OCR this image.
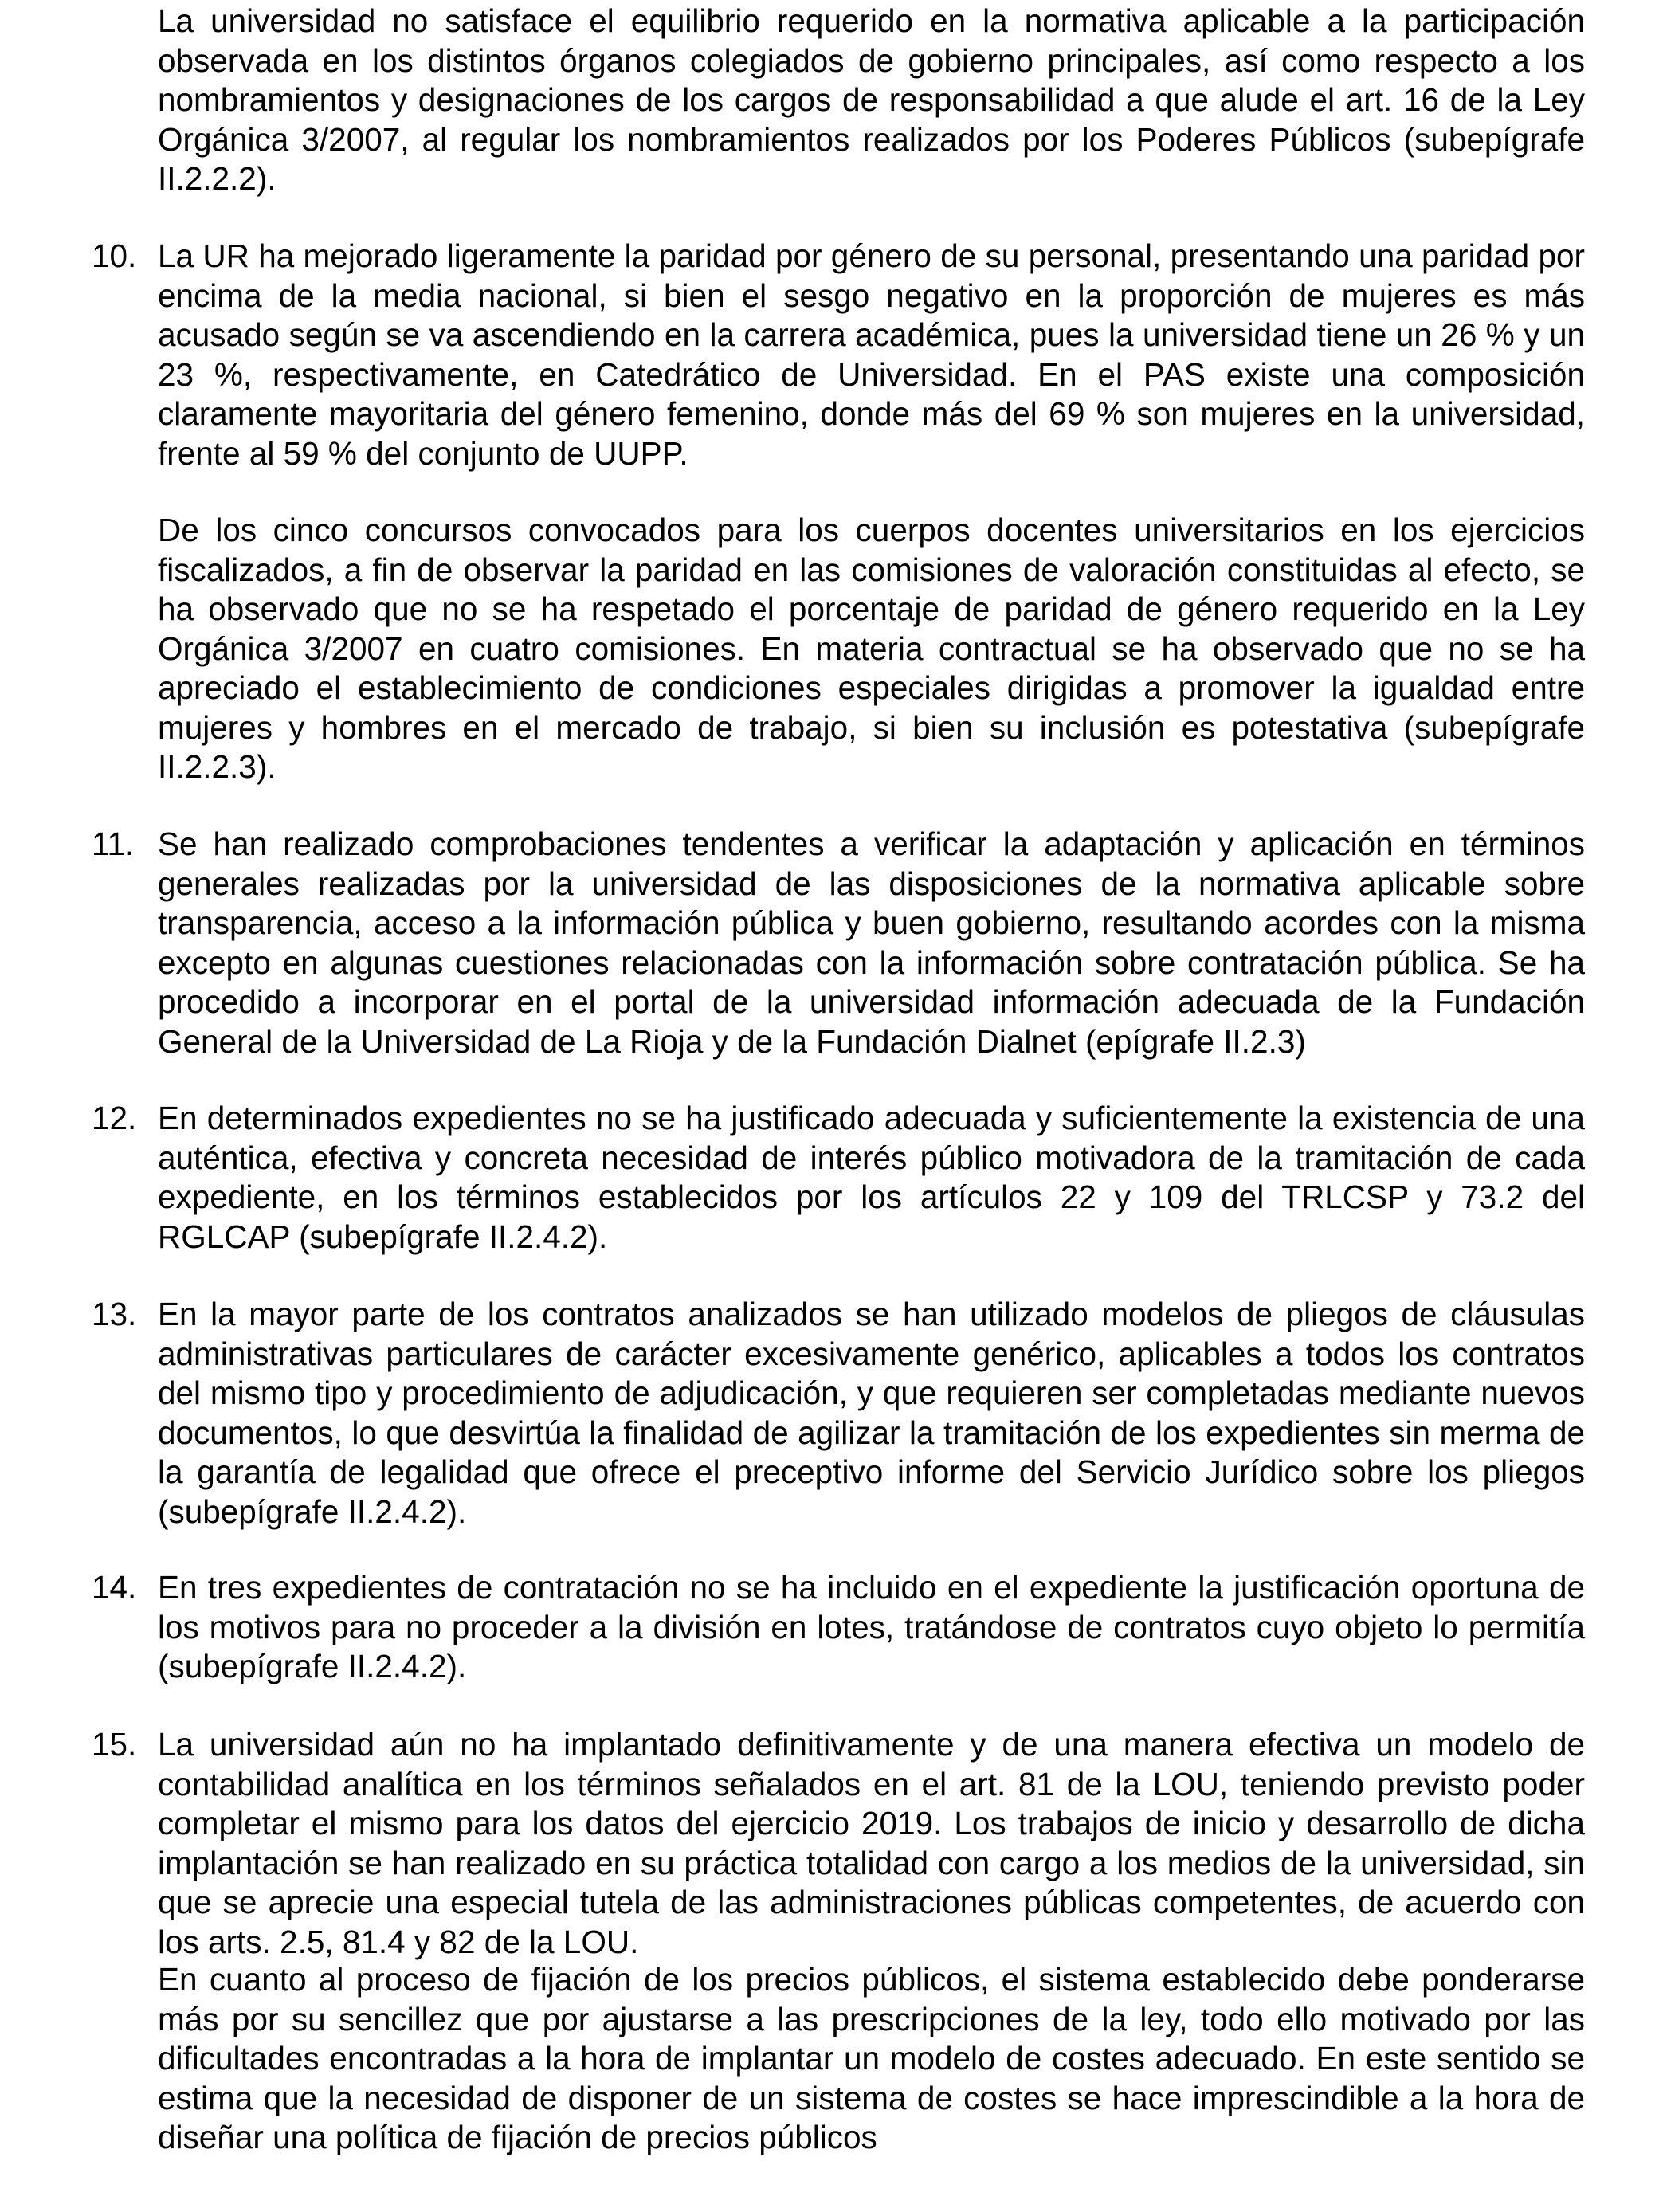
La universidad no satisface el equilibrio requerido en la normativa aplicable a la participación observada en los distintos órganos colegiados de gobierno principales, así como respecto a los nombramientos y designaciones de los cargos de responsabilidad a que alude el art. 16 de la Ley Orgánica 3/2007, al regular los nombramientos realizados por los Poderes Públicos (subepígrafe II.2.2.2).

10. La UR ha mejorado ligeramente la paridad por género de su personal, presentando una paridad por encima de la media nacional, si bien el sesgo negativo en la proporción de mujeres es más acusado según se va ascendiendo en la carrera académica, pues la universidad tiene un 26 % y un 23 %, respectivamente, en Catedrático de Universidad. En el PAS existe una composición claramente mayoritaria del género femenino, donde más del 69 % son mujeres en la universidad, frente al 59 % del conjunto de UUPP.

De los cinco concursos convocados para los cuerpos docentes universitarios en los ejercicios fiscalizados, a fin de observar la paridad en las comisiones de valoración constituidas al efecto, se ha observado que no se ha respetado el porcentaje de paridad de género requerido en la Ley Orgánica 3/2007 en cuatro comisiones. En materia contractual se ha observado que no se ha apreciado el establecimiento de condiciones especiales dirigidas a promover la igualdad entre mujeres y hombres en el mercado de trabajo, si bien su inclusión es potestativa (subepígrafe II.2.2.3).

11. Se han realizado comprobaciones tendentes a verificar la adaptación y aplicación en términos generales realizadas por la universidad de las disposiciones de la normativa aplicable sobre transparencia, acceso a la información pública y buen gobierno, resultando acordes con la misma excepto en algunas cuestiones relacionadas con la información sobre contratación pública. Se ha procedido a incorporar en el portal de la universidad información adecuada de la Fundación General de la Universidad de La Rioja y de la Fundación Dialnet (epígrafe II.2.3)

12. En determinados expedientes no se ha justificado adecuada y suficientemente la existencia de una auténtica, efectiva y concreta necesidad de interés público motivadora de la tramitación de cada expediente, en los términos establecidos por los artículos 22 y 109 del TRLCSP y 73.2 del RGLCAP (subepígrafe II.2.4.2).

13. En la mayor parte de los contratos analizados se han utilizado modelos de pliegos de cláusulas administrativas particulares de carácter excesivamente genérico, aplicables a todos los contratos del mismo tipo y procedimiento de adjudicación, y que requieren ser completadas mediante nuevos documentos, lo que desvirtúa la finalidad de agilizar la tramitación de los expedientes sin merma de la garantía de legalidad que ofrece el preceptivo informe del Servicio Jurídico sobre los pliegos (subepígrafe II.2.4.2).

14. En tres expedientes de contratación no se ha incluido en el expediente la justificación oportuna de los motivos para no proceder a la división en lotes, tratándose de contratos cuyo objeto lo permitía (subepígrafe II.2.4.2).

15. La universidad aún no ha implantado definitivamente y de una manera efectiva un modelo de contabilidad analítica en los términos señalados en el art. 81 de la LOU, teniendo previsto poder completar el mismo para los datos del ejercicio 2019. Los trabajos de inicio y desarrollo de dicha implantación se han realizado en su práctica totalidad con cargo a los medios de la universidad, sin que se aprecie una especial tutela de las administraciones públicas competentes, de acuerdo con los arts. 2.5, 81.4 y 82 de la LOU.

En cuanto al proceso de fijación de los precios públicos, el sistema establecido debe ponderarse más por su sencillez que por ajustarse a las prescripciones de la ley, todo ello motivado por las dificultades encontradas a la hora de implantar un modelo de costes adecuado. En este sentido se estima que la necesidad de disponer de un sistema de costes se hace imprescindible a la hora de diseñar una política de fijación de precios públicos
